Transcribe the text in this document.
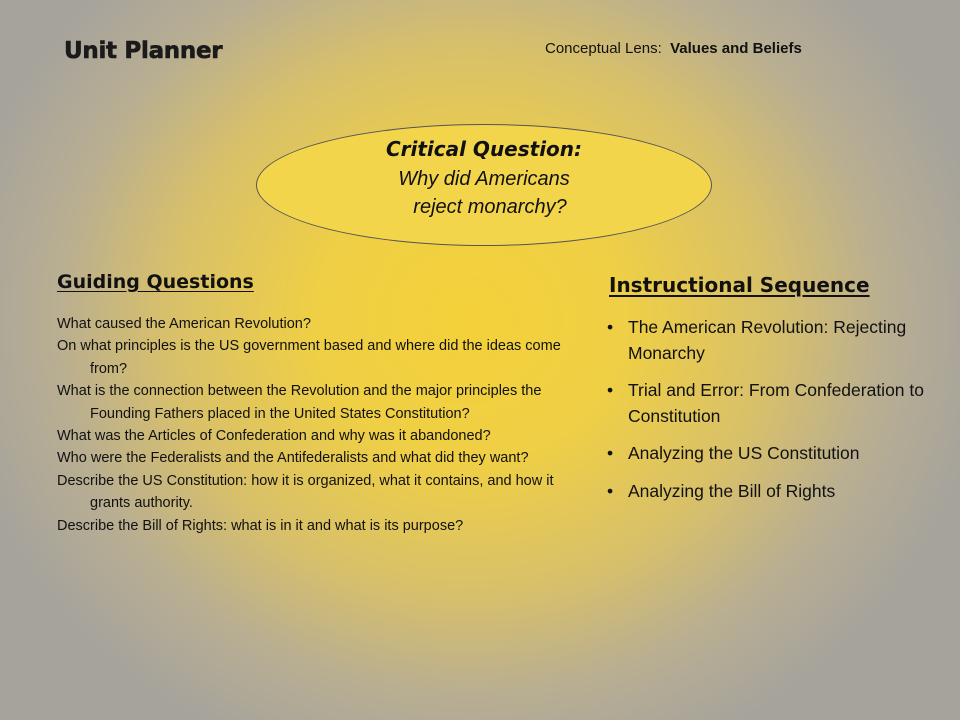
Unit Planner	Conceptual Lens: Values and Beliefs
Critical Question:
Why did Americans
reject monarchy?
Guiding Questions
What caused the American Revolution?
On what principles is the US government based and where did the ideas come from?
What is the connection between the Revolution and the major principles the Founding Fathers placed in the United States Constitution?
What was the Articles of Confederation and why was it abandoned?
Who were the Federalists and the Antifederalists and what did they want?
Describe the US Constitution: how it is organized, what it contains, and how it grants authority.
Describe the Bill of Rights: what is in it and what is its purpose?
Instructional Sequence
• The American Revolution: Rejecting Monarchy
• Trial and Error: From Confederation to Constitution
• Analyzing the US Constitution
• Analyzing the Bill of Rights
